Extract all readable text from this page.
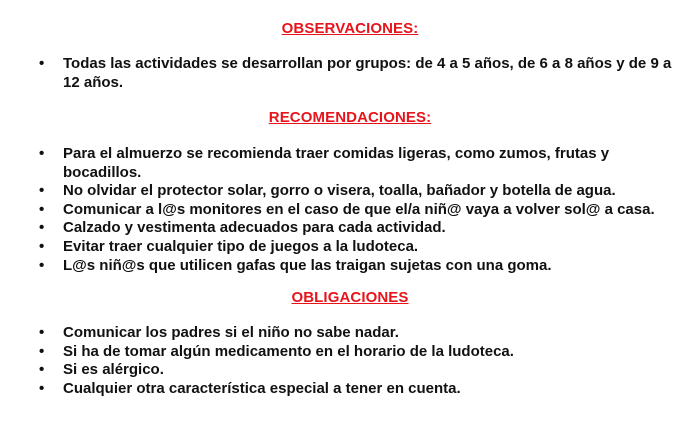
OBSERVACIONES:
• Todas las actividades se desarrollan por grupos: de 4 a 5 años, de 6 a 8 años y de 9 a 12 años.
RECOMENDACIONES:
• Para el almuerzo se recomienda traer comidas ligeras, como zumos, frutas y bocadillos.
• No olvidar el protector solar, gorro o visera, toalla, bañador y botella de agua.
• Comunicar a l@s monitores en el caso de que el/a niñ@ vaya a volver sol@ a casa.
• Calzado y vestimenta adecuados para cada actividad.
• Evitar traer cualquier tipo de juegos a la ludoteca.
• L@s niñ@s que utilicen gafas que las traigan sujetas con una goma.
OBLIGACIONES
• Comunicar los padres si el niño no sabe nadar.
• Si ha de tomar algún medicamento en el horario de la ludoteca.
• Si es alérgico.
• Cualquier otra característica especial a tener en cuenta.
